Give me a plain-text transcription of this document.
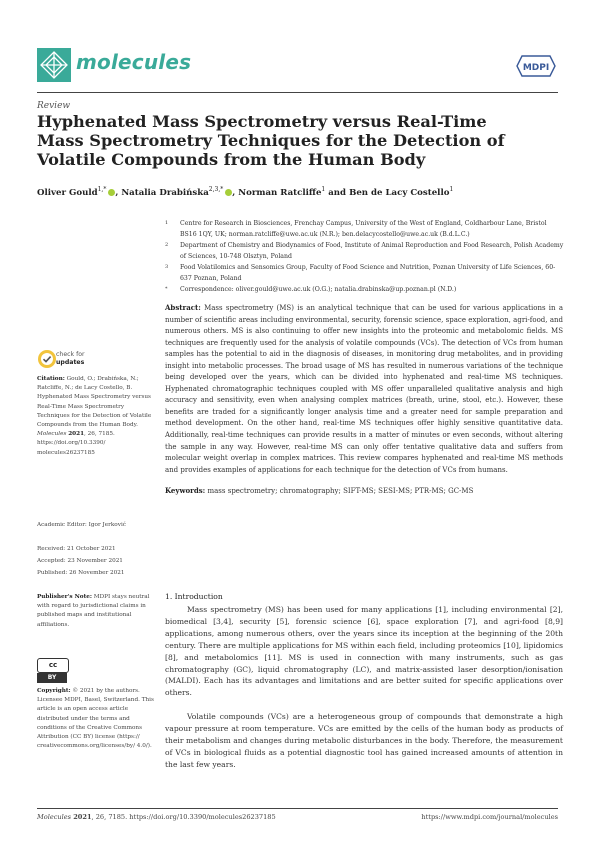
molecules	MDPI
Review
Hyphenated Mass Spectrometry versus Real-Time Mass Spectrometry Techniques for the Detection of Volatile Compounds from the Human Body
Oliver Gould$^{1,*}$ , Natalia Drabińska$^{2,3,*}$ , Norman Ratcliffe$^1$ and Ben de Lacy Costello$^1$
1 Centre for Research in Biosciences, Frenchay Campus, University of the West of England, Coldharbour Lane, Bristol BS16 1QY, UK; norman.ratcliffe@uwe.ac.uk (N.R.); ben.delacycostello@uwe.ac.uk (B.d.L.C.)
2 Department of Chemistry and Biodynamics of Food, Institute of Animal Reproduction and Food Research, Polish Academy of Sciences, 10-748 Olsztyn, Poland
3 Food Volatilomics and Sensomics Group, Faculty of Food Science and Nutrition, Poznan University of Life Sciences, 60-637 Poznan, Poland
Abstract: Mass spectrometry (MS) is an analytical technique that can be used for various applications in a number of scientific areas including environmental, security, forensic science, space exploration, agri-food, and numerous others. MS is also continuing to offer new insights into the proteomic and metabolomic fields. MS techniques are frequently used for the analysis of volatile compounds (VCs). The detection of VCs from human samples has the potential to aid in the diagnosis of diseases, in monitoring drug metabolites, and in providing insight into metabolic processes. The broad usage of MS has resulted in numerous variations of the technique being developed over the years, which can be divided into hyphenated and real-time MS techniques. Hyphenated chromatographic techniques coupled with MS offer unparalleled qualitative analysis and high accuracy and sensitivity, even when analysing complex matrices (breath, urine, stool, etc.). However, these benefits are traded for a significantly longer analysis time and a greater need for sample preparation and method development. On the other hand, real-time MS techniques offer highly sensitive quantitative data. Additionally, real-time techniques can provide results in a matter of minutes or even seconds, without altering the sample in any way. However, real-time MS can only offer tentative qualitative data and suffers from molecular weight overlap in complex matrices. This review compares hyphenated and real-time MS methods and provides examples of applications for each technique for the detection of VCs from humans.
Keywords: mass spectrometry; chromatography; SIFT-MS; SESI-MS; PTR-MS; GC-MS
check for
updates
Citation: Gould, O.; Drabińska, N.; Ratcliffe, N.; de Lacy Costello, B. Hyphenated Mass Spectrometry versus Real-Time Mass Spectrometry Techniques for the Detection of Volatile Compounds from the Human Body. Molecules 2021, 26, 7185. https://doi.org/10.3390/ molecules26237185
Academic Editor: Igor Jerković
Received: 21 October 2021
Accepted: 23 November 2021
Published: 26 November 2021
Publisher's Note: MDPI stays neutral with regard to jurisdictional claims in published maps and institutional affiliations.
cc
BY
Copyright: © 2021 by the authors. Licensee MDPI, Basel, Switzerland. This article is an open access article distributed under the terms and conditions of the Creative Commons Attribution (CC BY) license (https:// creativecommons.org/licenses/by/ 4.0/).
1. Introduction
Mass spectrometry (MS) has been used for many applications [1], including environmental [2], biomedical [3,4], security [5], forensic science [6], space exploration [7], and agri-food [8,9] applications, among numerous others, over the years since its inception at the beginning of the 20th century. There are multiple applications for MS within each field, including proteomics [10], lipidomics [8], and metabolomics [11]. MS is used in connection with many instruments, such as gas chromatography (GC), liquid chromatography (LC), and matrix-assisted laser desorption/ionisation (MALDI). Each has its advantages and limitations and are better suited for specific applications over others.
Volatile compounds (VCs) are a heterogeneous group of compounds that demonstrate a high vapour pressure at room temperature. VCs are emitted by the cells of the human body as products of their metabolism and changes during metabolic disturbances in the body. Therefore, the measurement of VCs in biological fluids as a potential diagnostic tool has gained increased amounts of attention in the last few years.
Molecules 2021, 26, 7185. https://doi.org/10.3390/molecules26237185	https://www.mdpi.com/journal/molecules
* Correspondence: oliver.gould@uwe.ac.uk (O.G.); natalia.drabinska@up.poznan.pl (N.D.)
